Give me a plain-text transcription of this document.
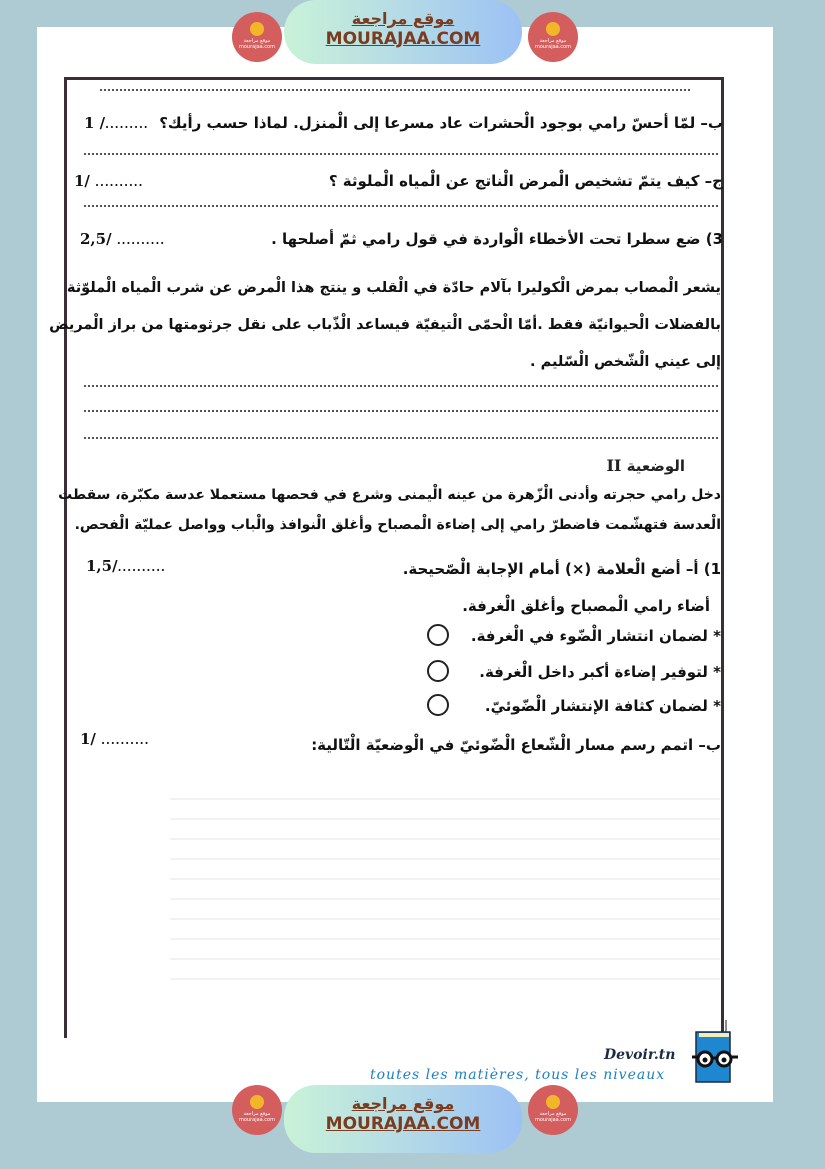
موقع مراجعة mourajaa.com
موقع مراجعة
MOURAJAA.COM	موقع مراجعة mourajaa.com
ب– لمّا أحسّ رامي بوجود الْحشرات عاد مسرعا إلى الْمنزل. لماذا حسب رأيك؟
1 /.........
ج– كيف يتمّ تشخيص الْمرض الْناتج عن الْمياه الْملوثة ؟
1/ ..........
3) ضع سطرا تحت الأخطاء الْواردة في قول رامي ثمّ أصلحها .
2,5/ ..........
يشعر الْمصاب بمرض الْكوليرا بآلام حادّة في الْقلب و ينتج هذا الْمرض عن شرب الْمياه الْملوّثة
بالفضلات الْحيوانيّة فقط .أمّا الْحمّى الْتيفيّة فيساعد الْذّباب على نقل جرثومتها من براز الْمريض
إلى عيني الْشّخص الْسّليم .
الوضعية II
دخل رامي حجرته وأدنى الْزّهرة من عينه الْيمنى وشرع في فحصها مستعملا عدسة مكبّرة، سقطت
الْعدسة فتهشّمت فاضطرّ رامي إلى إضاءة الْمصباح وأغلق الْنوافذ والْباب وواصل عمليّة الْفحص.
1) أ– أضع الْعلامة (×) أمام الإجابة الْصّحيحة.
1,5/..........
أضاء رامي الْمصباح وأغلق الْغرفة.
* لضمان انتشار الْضّوء في الْغرفة.
* لتوفير إضاءة أكبر داخل الْغرفة.
* لضمان كثافة الإنتشار الْضّوئيّ.
ب– اتمم رسم مسار الْشّعاع الْضّوئيّ في الْوضعيّة الْتّالية:
1/ ..........
Devoir.tn
toutes les matières, tous les niveaux
موقع مراجعة mourajaa.com
موقع مراجعة
MOURAJAA.COM	موقع مراجعة mourajaa.com
